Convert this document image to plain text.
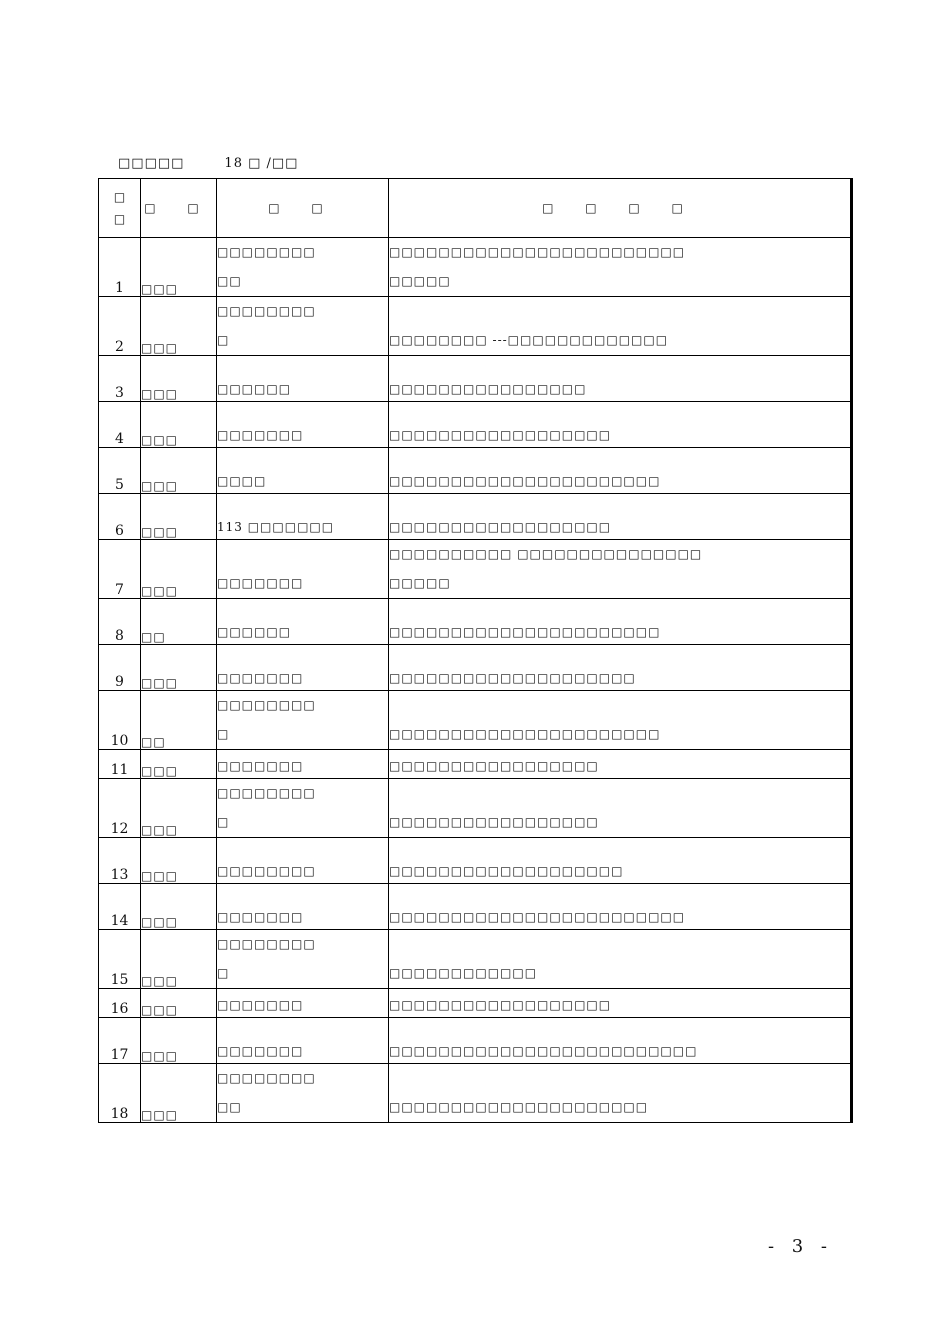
□□□□□	18 □ /□□
□
□	□ □	□ □	□ □ □ □
1	□□□	□□□□□□□□
□□	□□□□□□□□□□□□□□□□□□□□□□□□
□□□□□

2	□□□	□□□□□□□□
□	□□□□□□□□ ---□□□□□□□□□□□□□

3	□□□	□□□□□□	□□□□□□□□□□□□□□□□

4	□□□	□□□□□□□	□□□□□□□□□□□□□□□□□□

5	□□□	□□□□	□□□□□□□□□□□□□□□□□□□□□□

6	□□□	113 □□□□□□□	□□□□□□□□□□□□□□□□□□

7	□□□	□□□□□□□	□□□□□□□□□□ □□□□□□□□□□□□□□□
□□□□□

8	□□	□□□□□□	□□□□□□□□□□□□□□□□□□□□□□

9	□□□	□□□□□□□	□□□□□□□□□□□□□□□□□□□□

10	□□	□□□□□□□□
□	□□□□□□□□□□□□□□□□□□□□□□

11	□□□	□□□□□□□	□□□□□□□□□□□□□□□□□

12	□□□	□□□□□□□□
□	□□□□□□□□□□□□□□□□□

13	□□□	□□□□□□□□	□□□□□□□□□□□□□□□□□□□

14	□□□	□□□□□□□	□□□□□□□□□□□□□□□□□□□□□□□□

15	□□□	□□□□□□□□
□	□□□□□□□□□□□□

16	□□□	□□□□□□□	□□□□□□□□□□□□□□□□□□

17	□□□	□□□□□□□	□□□□□□□□□□□□□□□□□□□□□□□□□

18	□□□	□□□□□□□□
□□	□□□□□□□□□□□□□□□□□□□□□
- 3 -
